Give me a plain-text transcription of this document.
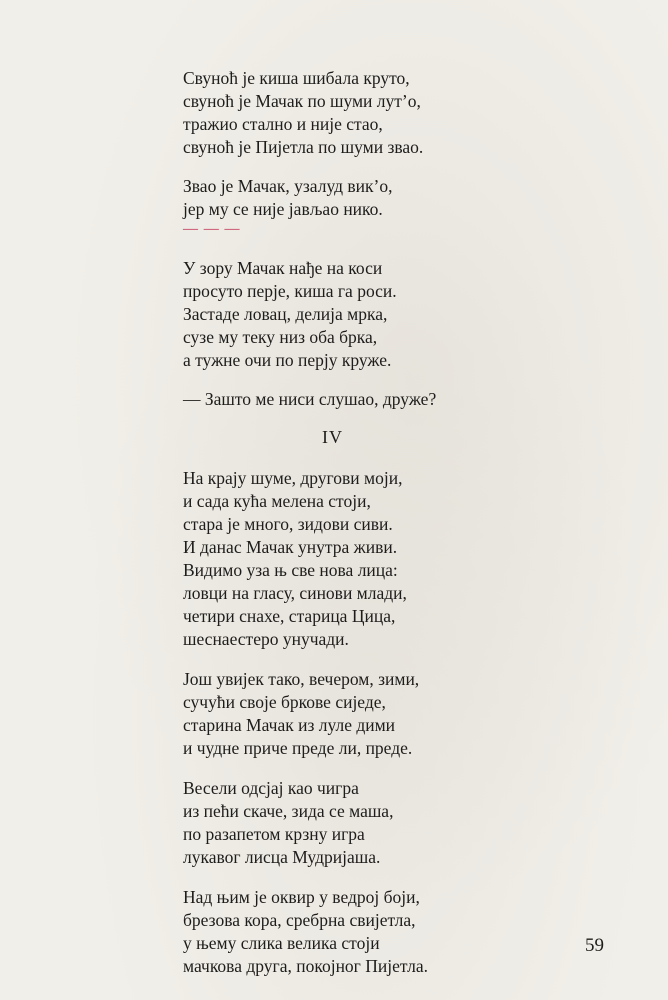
Свуноћ је киша шибала круто,
свуноћ је Мачак по шуми лут’о,
тражио стално и није стао,
свуноћ је Пијетла по шуми звао.
Звао је Мачак, узалуд вик’о,
јер му се није јављао нико.
— — —
У зору Мачак нађе на коси
просуто перје, киша га роси.
Застаде ловац, делија мрка,
сузе му теку низ оба брка,
а тужне очи по перју круже.
— Зашто ме ниси слушао, друже?
IV
На крају шуме, другови моји,
и сада кућа мелена стоји,
стара је много, зидови сиви.
И данас Мачак унутра живи.
Видимо уза њ све нова лица:
ловци на гласу, синови млади,
четири снахе, старица Цица,
шеснаестеро унучади.
Још увијек тако, вечером, зими,
сучући своје бркове сиједе,
старина Мачак из луле дими
и чудне приче преде ли, преде.
Весели одсјај као чигра
из пећи скаче, зида се маша,
по разапетом крзну игра
лукавог лисца Мудријаша.
Над њим је оквир у ведрој боји,
брезова кора, сребрна свијетла,
у њему слика велика стоји
мачкова друга, покојног Пијетла.
59
